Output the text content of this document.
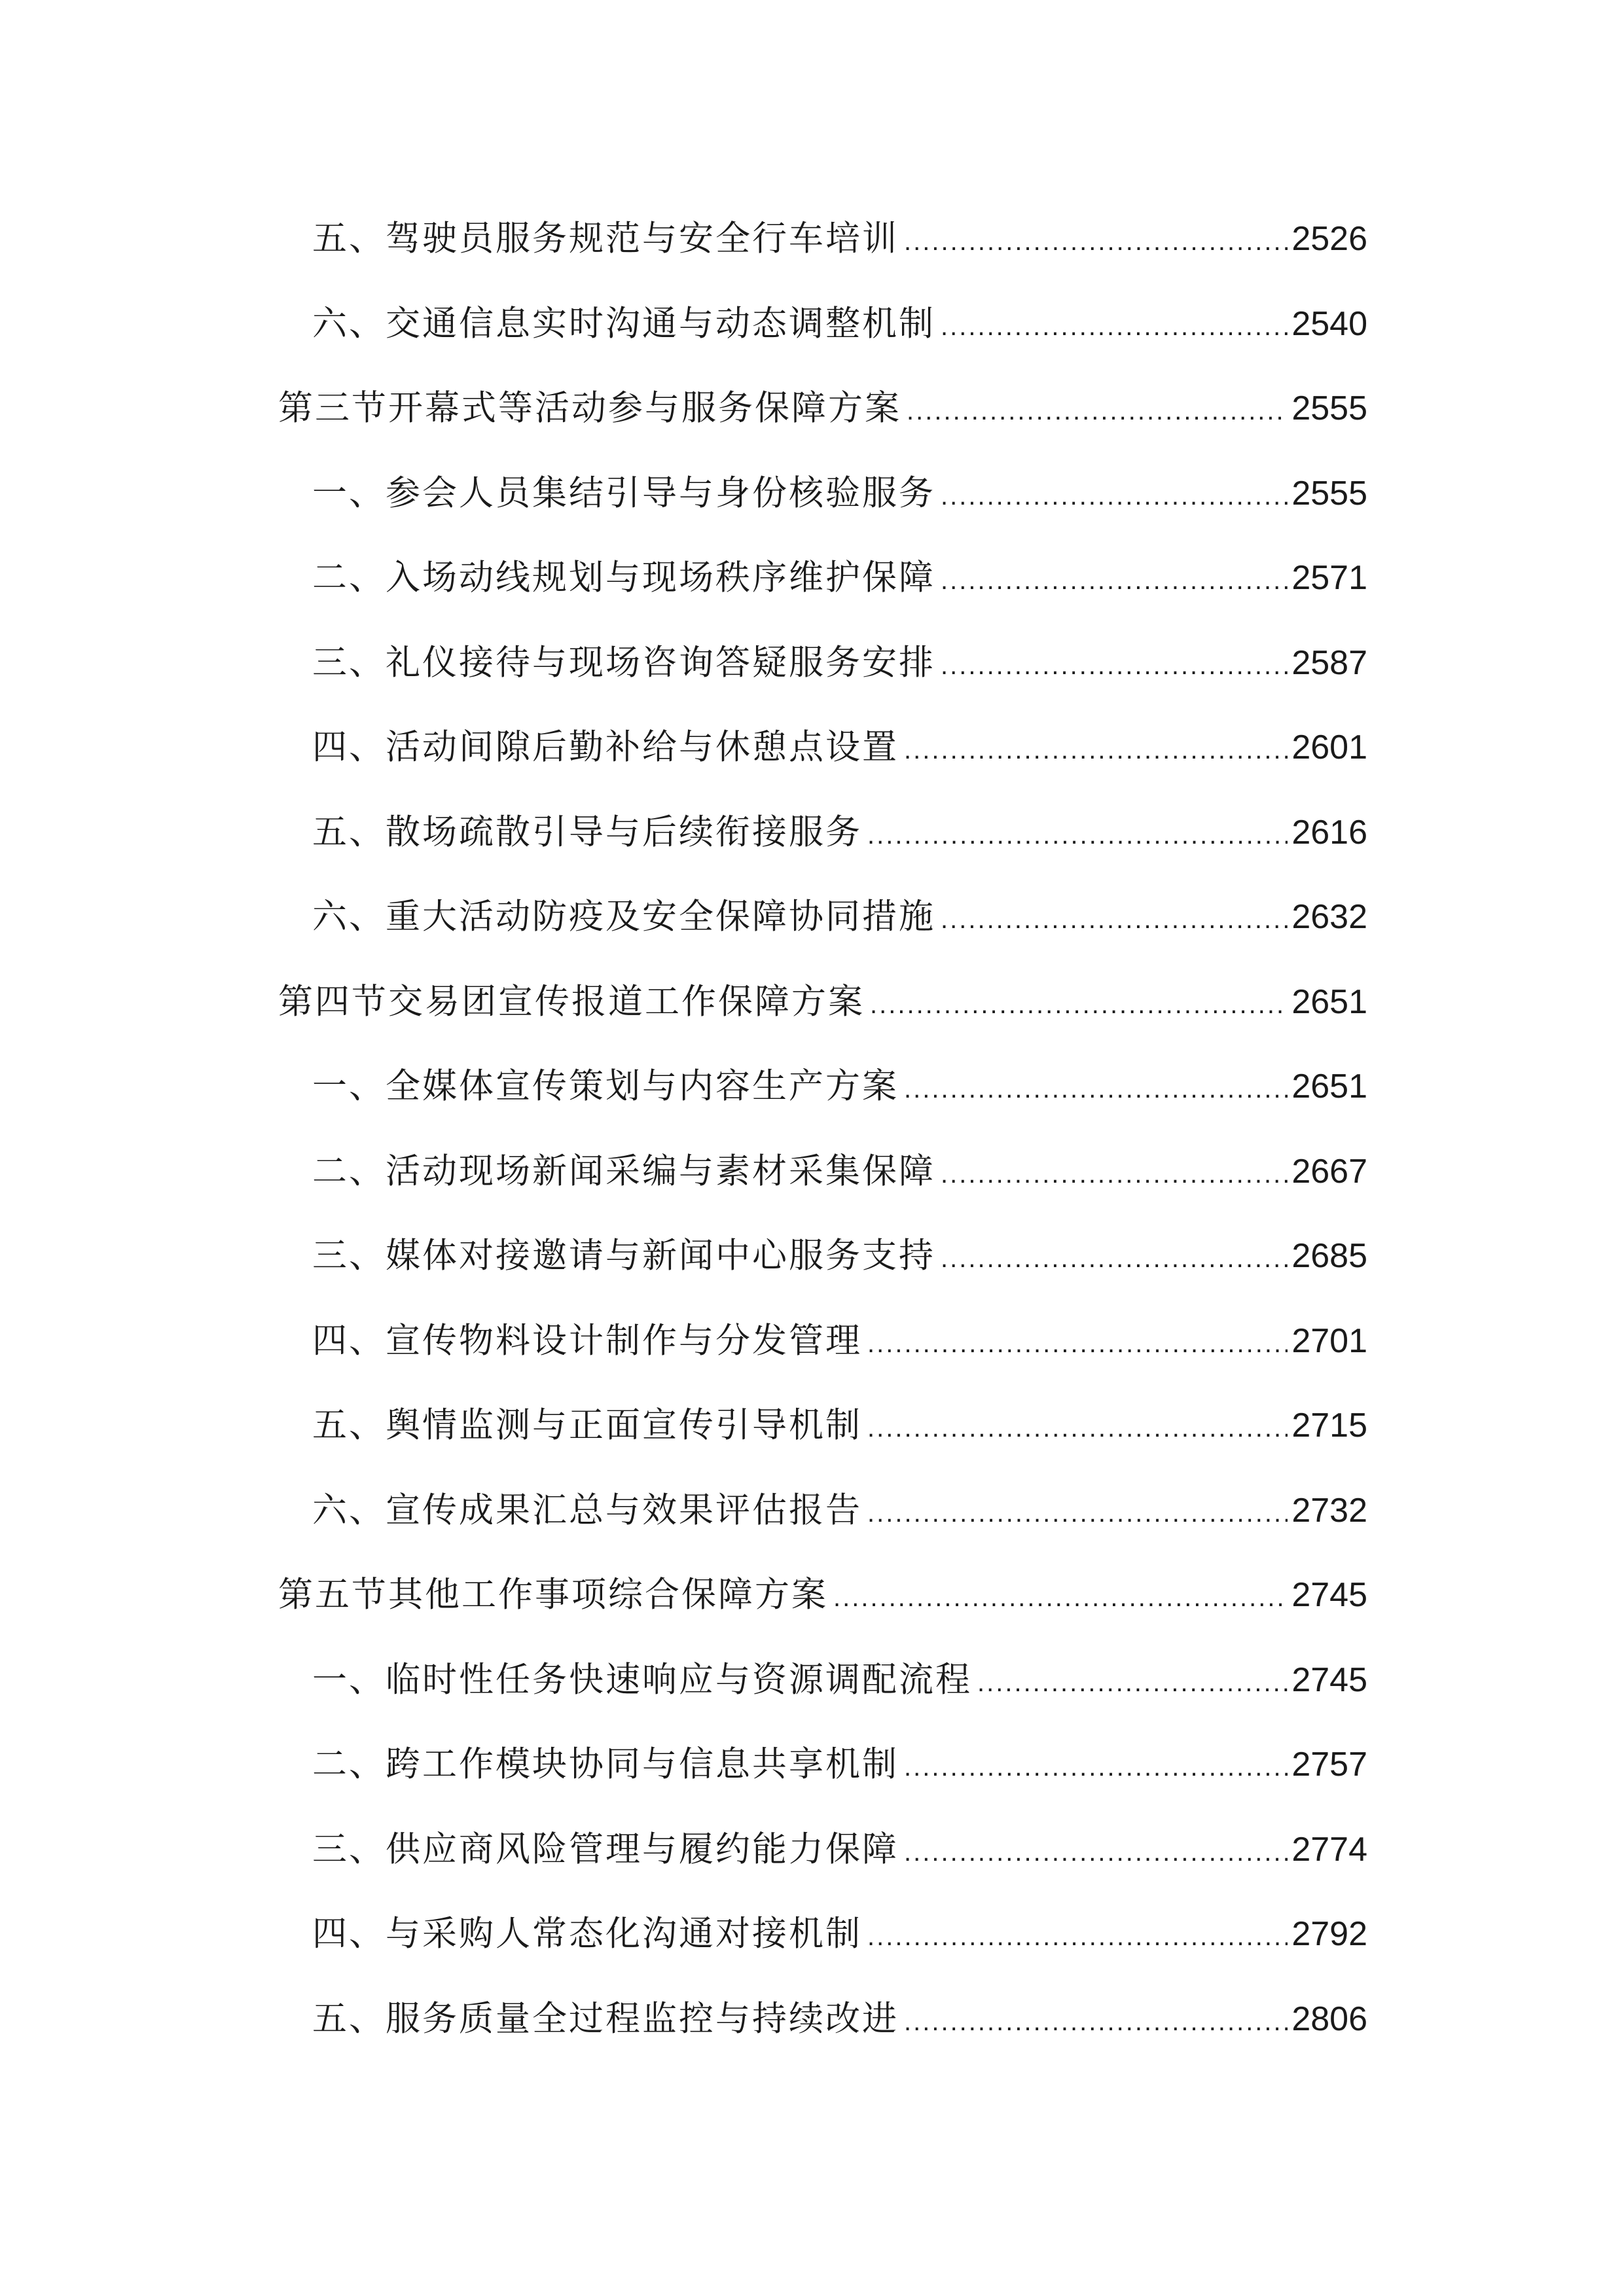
五、驾驶员服务规范与安全行车培训 .....	2526
六、交通信息实时沟通与动态调整机制 .....	2540
第三节开幕式等活动参与服务保障方案 .....	2555
一、参会人员集结引导与身份核验服务 .....	2555
二、入场动线规划与现场秩序维护保障 .....	2571
三、礼仪接待与现场咨询答疑服务安排 .....	2587
四、活动间隙后勤补给与休憩点设置 .....	2601
五、散场疏散引导与后续衔接服务 .....	2616
六、重大活动防疫及安全保障协同措施 .....	2632
第四节交易团宣传报道工作保障方案 .....	2651
一、全媒体宣传策划与内容生产方案 .....	2651
二、活动现场新闻采编与素材采集保障 .....	2667
三、媒体对接邀请与新闻中心服务支持 .....	2685
四、宣传物料设计制作与分发管理 .....	2701
五、舆情监测与正面宣传引导机制 .....	2715
六、宣传成果汇总与效果评估报告 .....	2732
第五节其他工作事项综合保障方案 .....	2745
一、临时性任务快速响应与资源调配流程 .....	2745
二、跨工作模块协同与信息共享机制 .....	2757
三、供应商风险管理与履约能力保障 .....	2774
四、与采购人常态化沟通对接机制 .....	2792
五、服务质量全过程监控与持续改进 .....	2806
